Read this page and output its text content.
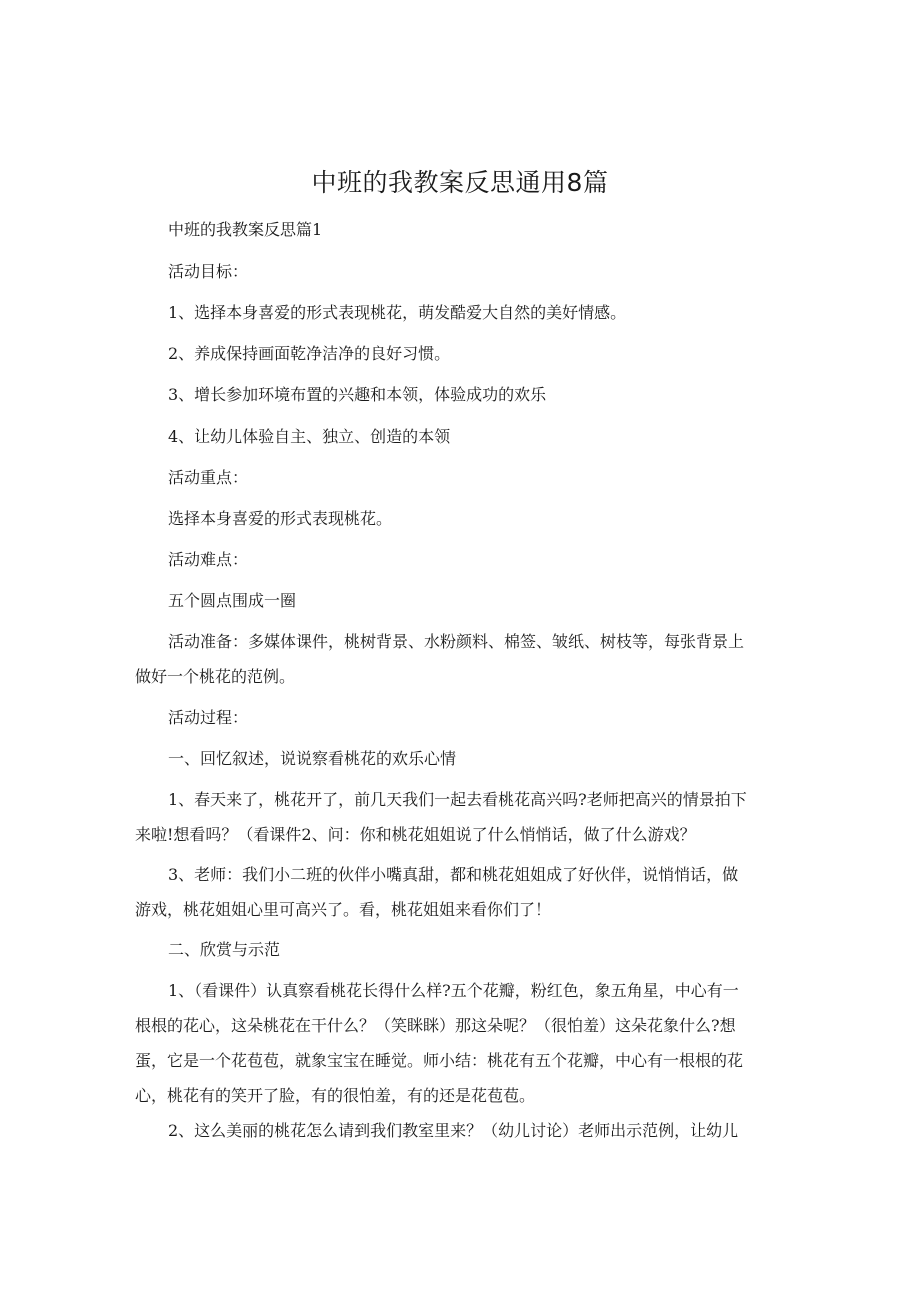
中班的我教案反思通用8篇
中班的我教案反思篇1
活动目标：
1、选择本身喜爱的形式表现桃花，萌发酷爱大自然的美好情感。
2、养成保持画面乾净洁净的良好习惯。
3、增长参加环境布置的兴趣和本领，体验成功的欢乐
4、让幼儿体验自主、独立、创造的本领
活动重点：
选择本身喜爱的形式表现桃花。
活动难点：
五个圆点围成一圈
活动准备：多媒体课件，桃树背景、水粉颜料、棉签、皱纸、树枝等，每张背景上
做好一个桃花的范例。
活动过程：
一、回忆叙述，说说察看桃花的欢乐心情
1、春天来了，桃花开了，前几天我们一起去看桃花高兴吗?老师把高兴的情景拍下
来啦!想看吗？（看课件2、问：你和桃花姐姐说了什么悄悄话，做了什么游戏？
3、老师：我们小二班的伙伴小嘴真甜，都和桃花姐姐成了好伙伴，说悄悄话，做
游戏，桃花姐姐心里可高兴了。看，桃花姐姐来看你们了！
二、欣赏与示范
1、（看课件）认真察看桃花长得什么样?五个花瓣，粉红色，象五角星，中心有一
根根的花心，这朵桃花在干什么？（笑眯眯）那这朵呢？（很怕羞）这朵花象什么?想
蛋，它是一个花苞苞，就象宝宝在睡觉。师小结：桃花有五个花瓣，中心有一根根的花
心，桃花有的笑开了脸，有的很怕羞，有的还是花苞苞。
2、这么美丽的桃花怎么请到我们教室里来？（幼儿讨论）老师出示范例，让幼儿
